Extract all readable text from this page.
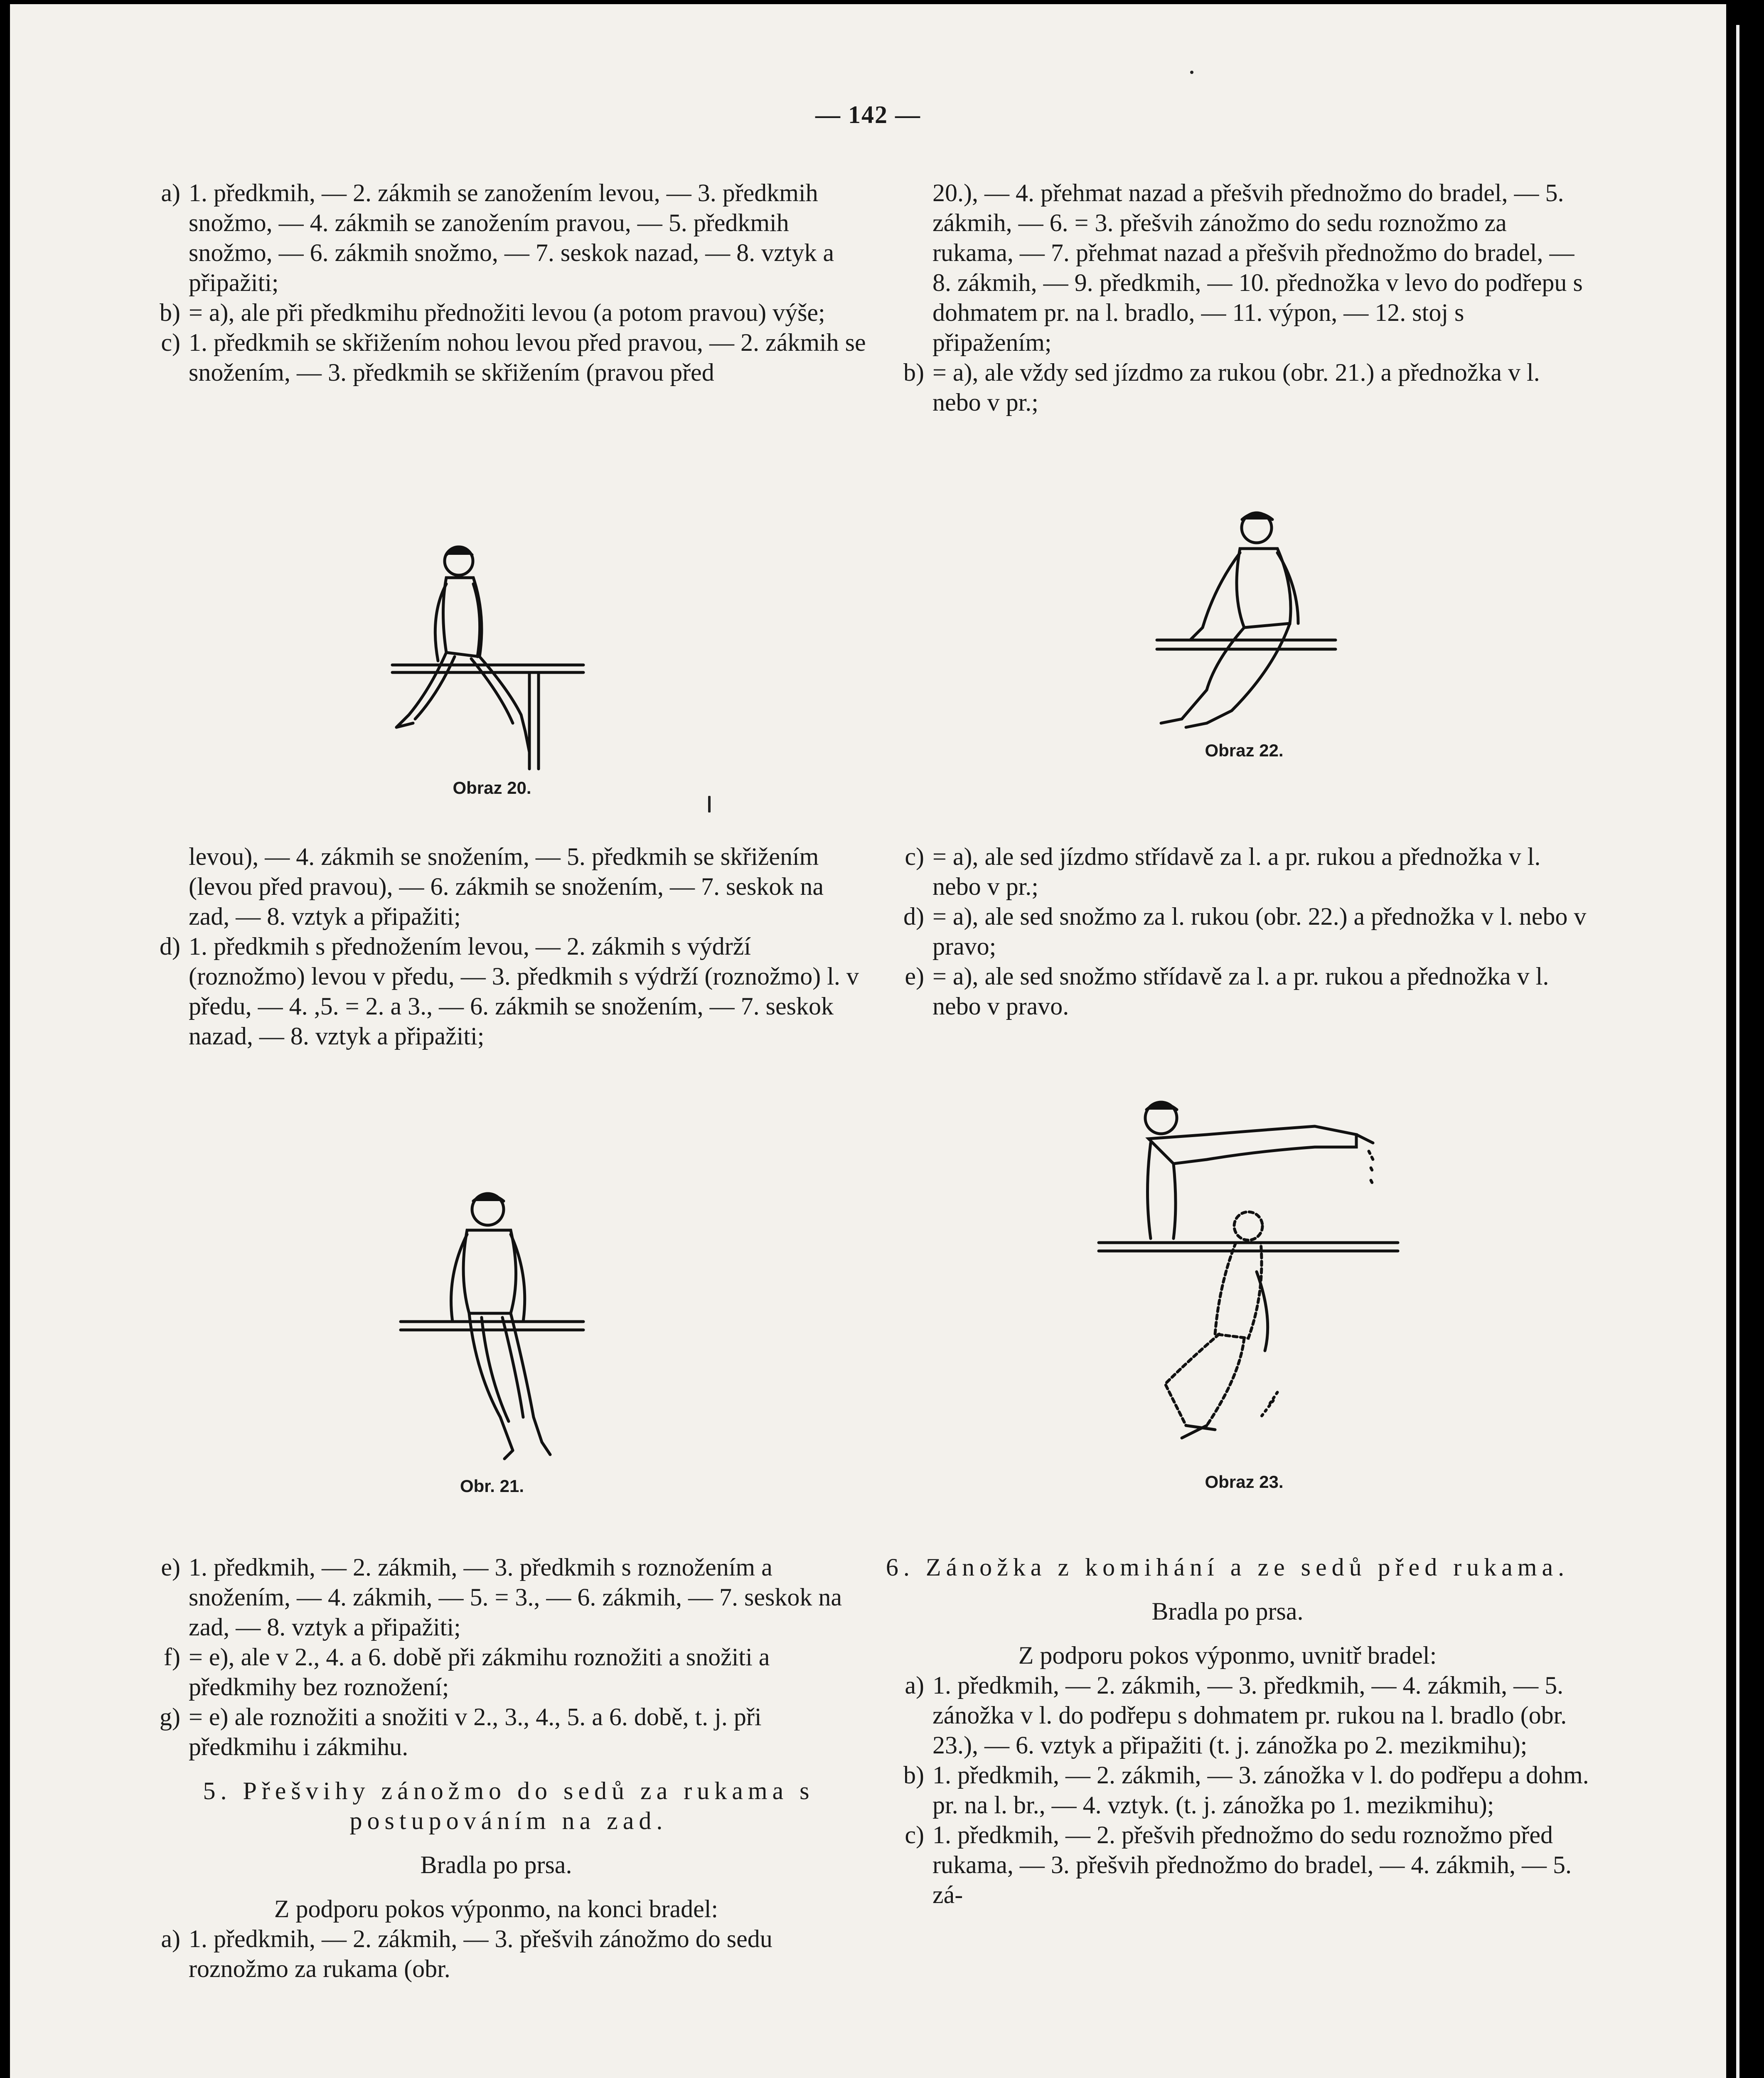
— 142 —
a) 1. předkmih, — 2. zákmih se zanožením levou, — 3. předkmih snožmo, — 4. zákmih se zanožením pravou, — 5. předkmih snožmo, — 6. zákmih snožmo, — 7. seskok nazad, — 8. vztyk a připažiti;
b) = a), ale při předkmihu přednožiti levou (a potom pravou) výše;
c) 1. předkmih se skřižením nohou levou před pravou, — 2. zákmih se snožením, — 3. předkmih se skřižením (pravou před
Obraz 20.
levou), — 4. zákmih se snožením, — 5. předkmih se skřižením (levou před pravou), — 6. zákmih se snožením, — 7. seskok na zad, — 8. vztyk a připažiti;
d) 1. předkmih s přednožením levou, — 2. zákmih s výdrží (roznožmo) levou v předu, — 3. předkmih s výdrží (roznožmo) l. v předu, — 4. ,5. = 2. a 3., — 6. zákmih se snožením, — 7. seskok nazad, — 8. vztyk a připažiti;
Obr. 21.
e) 1. předkmih, — 2. zákmih, — 3. předkmih s roznožením a snožením, — 4. zákmih, — 5. = 3., — 6. zákmih, — 7. seskok na zad, — 8. vztyk a připažiti;
f) = e), ale v 2., 4. a 6. době při zákmihu roznožiti a snožiti a předkmihy bez roznožení;
g) = e) ale roznožiti a snožiti v 2., 3., 4., 5. a 6. době, t. j. při předkmihu i zákmihu.

5. Přešvihy zánožmo do sedů za rukama s postupováním na zad.

Bradla po prsa.

Z podporu pokos výponmo, na konci bradel:

a) 1. předkmih, — 2. zákmih, — 3. přešvih zánožmo do sedu roznožmo za rukama (obr.
20.), — 4. přehmat nazad a přešvih přednožmo do bradel, — 5. zákmih, — 6. = 3. přešvih zánožmo do sedu roznožmo za rukama, — 7. přehmat nazad a přešvih přednožmo do bradel, — 8. zákmih, — 9. předkmih, — 10. přednožka v levo do podřepu s dohmatem pr. na l. bradlo, — 11. výpon, — 12. stoj s připažením;
b) = a), ale vždy sed jízdmo za rukou (obr. 21.) a přednožka v l. nebo v pr.;
Obraz 22.
c) = a), ale sed jízdmo střídavě za l. a pr. rukou a přednožka v l. nebo v pr.;
d) = a), ale sed snožmo za l. rukou (obr. 22.) a přednožka v l. nebo v pravo;
e) = a), ale sed snožmo střídavě za l. a pr. rukou a přednožka v l. nebo v pravo.
Obraz 23.

6. Zánožka z komihání a ze sedů před rukama.

Bradla po prsa.

Z podporu pokos výponmo, uvnitř bradel:

a) 1. předkmih, — 2. zákmih, — 3. předkmih, — 4. zákmih, — 5. zánožka v l. do podřepu s dohmatem pr. rukou na l. bradlo (obr. 23.), — 6. vztyk a připažiti (t. j. zánožka po 2. mezikmihu);
b) 1. předkmih, — 2. zákmih, — 3. zánožka v l. do podřepu a dohm. pr. na l. br., — 4. vztyk. (t. j. zánožka po 1. mezikmihu);
c) 1. předkmih, — 2. přešvih přednožmo do sedu roznožmo před rukama, — 3. přešvih přednožmo do bradel, — 4. zákmih, — 5. zá-
